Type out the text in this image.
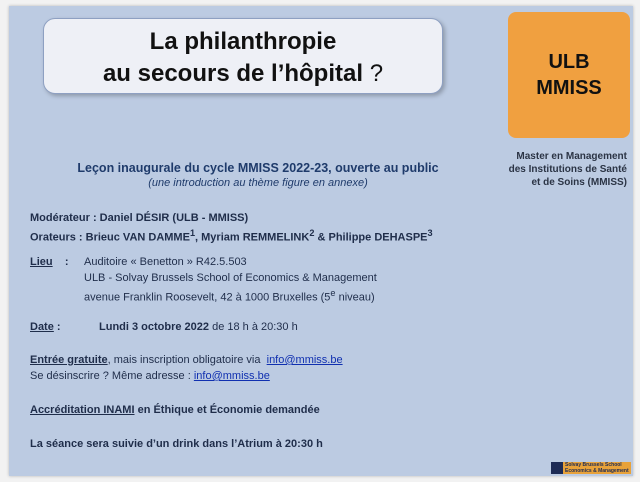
La philanthropie
au secours de l’hôpital ?	ULB
MMISS
Master en Management
des Institutions de Santé
et de Soins (MMISS)
Leçon inaugurale du cycle MMISS 2022-23, ouverte au public
(une introduction au thème figure en annexe)
Modérateur : Daniel DÉSIR (ULB - MMISS)
Orateurs : Brieuc VAN DAMME$^1$, Myriam REMMELINK$^2$ & Philippe DEHASPE$^3$
Lieu : Auditoire « Benetton » R42.5.503
ULB - Solvay Brussels School of Economics & Management
avenue Franklin Roosevelt, 42 à 1000 Bruxelles (5e niveau)
Date :	Lundi 3 octobre 2022 de 18 h à 20:30 h
Entrée gratuite, mais inscription obligatoire via info@mmiss.be
Se désinscrire ? Même adresse : info@mmiss.be
Accréditation INAMI en Éthique et Économie demandée
La séance sera suivie d’un drink dans l’Atrium à 20:30 h
Solvay Brussels School
Economics & Management
